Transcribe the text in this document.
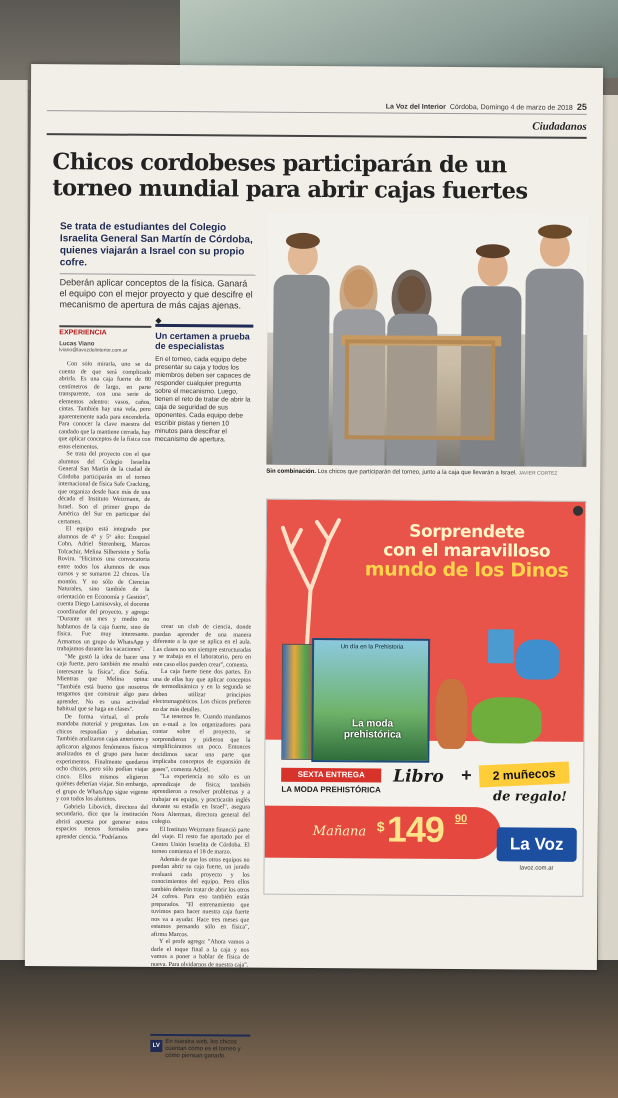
La Voz del Interior Córdoba, Domingo 4 de marzo de 2018 25
Ciudadanos
Chicos cordobeses participarán de un torneo mundial para abrir cajas fuertes
Se trata de estudiantes del Colegio Israelita General San Martín de Córdoba, quienes viajarán a Israel con su propio cofre.
Deberán aplicar conceptos de la física. Ganará el equipo con el mejor proyecto y que descifre el mecanismo de apertura de más cajas ajenas.
EXPERIENCIA
Lucas Viano
lviano@lavozdelinterior.com.ar
◆
Un certamen a prueba de especialistas
En el torneo, cada equipo debe presentar su caja y todos los miembros deben ser capaces de responder cualquier pregunta sobre el mecanismo. Luego, tienen el reto de tratar de abrir la caja de seguridad de sus oponentes. Cada equipo debe escribir pistas y tienen 10 minutos para descifrar el mecanismo de apertura.

Con sólo mirarla, uno se da cuenta de que será complicado abrirla. Es una caja fuerte de 80 centímetros de largo, en parte transparente, con una serie de elementos adentro: vasos, caños, cintas. También hay una vela, pero aparentemente nada para encenderla. Para conocer la clave maestra del candado que la mantiene cerrada, hay que aplicar conceptos de la física con estos elementos.

Se trata del proyecto con el que alumnos del Colegio Israelita General San Martín de la ciudad de Córdoba participarán en el torneo internacional de física Safe Cracking, que organiza desde hace más de una década el Instituto Weizmann, de Israel. Son el primer grupo de América del Sur en participar del certamen.

El equipo está integrado por alumnos de 4° y 5° año: Ezequiel Cohn, Adriel Sterenberg, Marcos Tolcachir, Melina Silberstein y Sofía Rovira. "Hicimos una convocatoria entre todos los alumnos de esos cursos y se sumaron 22 chicos. Un montón. Y no sólo de Ciencias Naturales, sino también de la orientación en Economía y Gestión", cuenta Diego Lamisovsky, el docente coordinador del proyecto, y agrega: "Durante un mes y medio no hablamos de la caja fuerte, sino de física. Fue muy interesante. Armamos un grupo de WhatsApp y trabajamos durante las vacaciones".

"Me gustó la idea de hacer una caja fuerte, pero también me resultó interesante la física", dice Sofía. Mientras que Melina opina: "También está bueno que nosotros tengamos que construir algo para aprender. No es una actividad habitual que se haga en clases".

De forma virtual, el profe mandaba material y preguntas. Los chicos respondían y debatían. También analizaron cajas anteriores y aplicaron algunos fenómenos físicos analizados en el grupo para hacer experimentos. Finalmente quedaron ocho chicos, pero sólo podían viajar cinco. Ellos mismos eligieron quiénes deberían viajar. Sin embargo, el grupo de WhatsApp sigue vigente y con todos los alumnos.

Gabriela Libovich, directora del secundario, dice que la institución abrirá apuesta por generar estos espacios menos formales para aprender ciencia. "Podríamos

crear un club de ciencia, donde puedan aprender de una manera diferente a la que se aplica en el aula. Las clases no son siempre estructuradas y se trabaja en el laboratorio, pero en este caso ellos pueden crear", comenta.

La caja fuerte tiene dos partes. En una de ellas hay que aplicar conceptos de termodinámica y en la segunda se deben utilizar principios electromagnéticos. Los chicos prefieren no dar más detalles.

"Le tenemos fe. Cuando mandamos un e-mail a los organizadores para contar sobre el proyecto, se sorprendieron y pidieron que la simplificáramos un poco. Entonces decidimos sacar una parte que implicaba conceptos de expansión de gases", comenta Adriel.

"La experiencia no sólo es un aprendizaje de física; también aprendieron a resolver problemas y a trabajar en equipo, y practicarán inglés durante su estadía en Israel", asegura Nora Alterman, directora general del colegio.

El Instituto Weizmann financió parte del viaje. El resto fue aportado por el Centro Unión Israelita de Córdoba. El torneo comienza el 18 de marzo.

Además de que los otros equipos no puedan abrir su caja fuerte, un jurado evaluará cada proyecto y los conocimientos del equipo. Pero ellos también deberán tratar de abrir los otros 24 cofres. Para eso también están preparados. "El entrenamiento que tuvimos para hacer nuestra caja fuerte nos va a ayudar. Hace tres meses que estamos pensando sólo en física", afirma Marcos.

Y el profe agrega: "Ahora vamos a darle el toque final a la caja y nos vamos a poner a hablar de física de nueva. Para olvidarnos de nuestra caja".

LV
En nuestra web, los chicos cuentan cómo es el torneo y cómo piensan ganarlo.
Sin combinación. Los chicos que participarán del torneo, junto a la caja que llevarán a Israel. JAVIER CORTEZ
Sorprendete
con el maravilloso
mundo de los Dinos
Un día en la Prehistoria
La moda prehistórica
SEXTA ENTREGA
LA MODA PREHISTÓRICA
Libro +	2 muñecos
de regalo!
Mañana $ 149 90
La Voz
lavoz.com.ar
